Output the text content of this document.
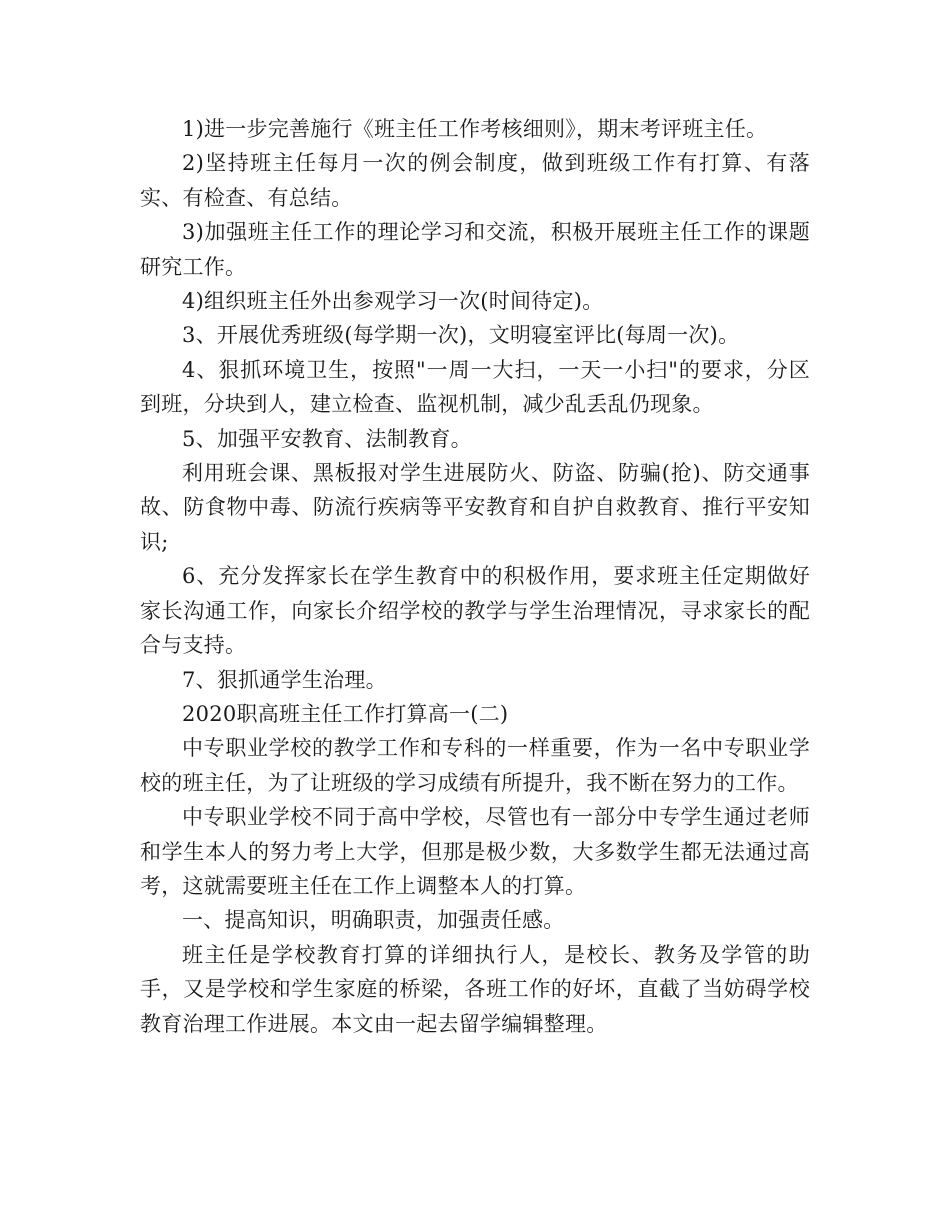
1)进一步完善施行《班主任工作考核细则》，期末考评班主任。

2)坚持班主任每月一次的例会制度，做到班级工作有打算、有落实、有检查、有总结。

3)加强班主任工作的理论学习和交流，积极开展班主任工作的课题研究工作。

4)组织班主任外出参观学习一次(时间待定)。

3、开展优秀班级(每学期一次)，文明寝室评比(每周一次)。

4、狠抓环境卫生，按照"一周一大扫，一天一小扫"的要求，分区到班，分块到人，建立检查、监视机制，减少乱丢乱仍现象。

5、加强平安教育、法制教育。

利用班会课、黑板报对学生进展防火、防盗、防骗(抢)、防交通事故、防食物中毒、防流行疾病等平安教育和自护自救教育、推行平安知识;

6、充分发挥家长在学生教育中的积极作用，要求班主任定期做好家长沟通工作，向家长介绍学校的教学与学生治理情况，寻求家长的配合与支持。

7、狠抓通学生治理。

2020职高班主任工作打算高一(二)

中专职业学校的教学工作和专科的一样重要，作为一名中专职业学校的班主任，为了让班级的学习成绩有所提升，我不断在努力的工作。

中专职业学校不同于高中学校，尽管也有一部分中专学生通过老师和学生本人的努力考上大学，但那是极少数，大多数学生都无法通过高考，这就需要班主任在工作上调整本人的打算。

一、提高知识，明确职责，加强责任感。

班主任是学校教育打算的详细执行人，是校长、教务及学管的助手，又是学校和学生家庭的桥梁，各班工作的好坏，直截了当妨碍学校教育治理工作进展。本文由一起去留学编辑整理。
